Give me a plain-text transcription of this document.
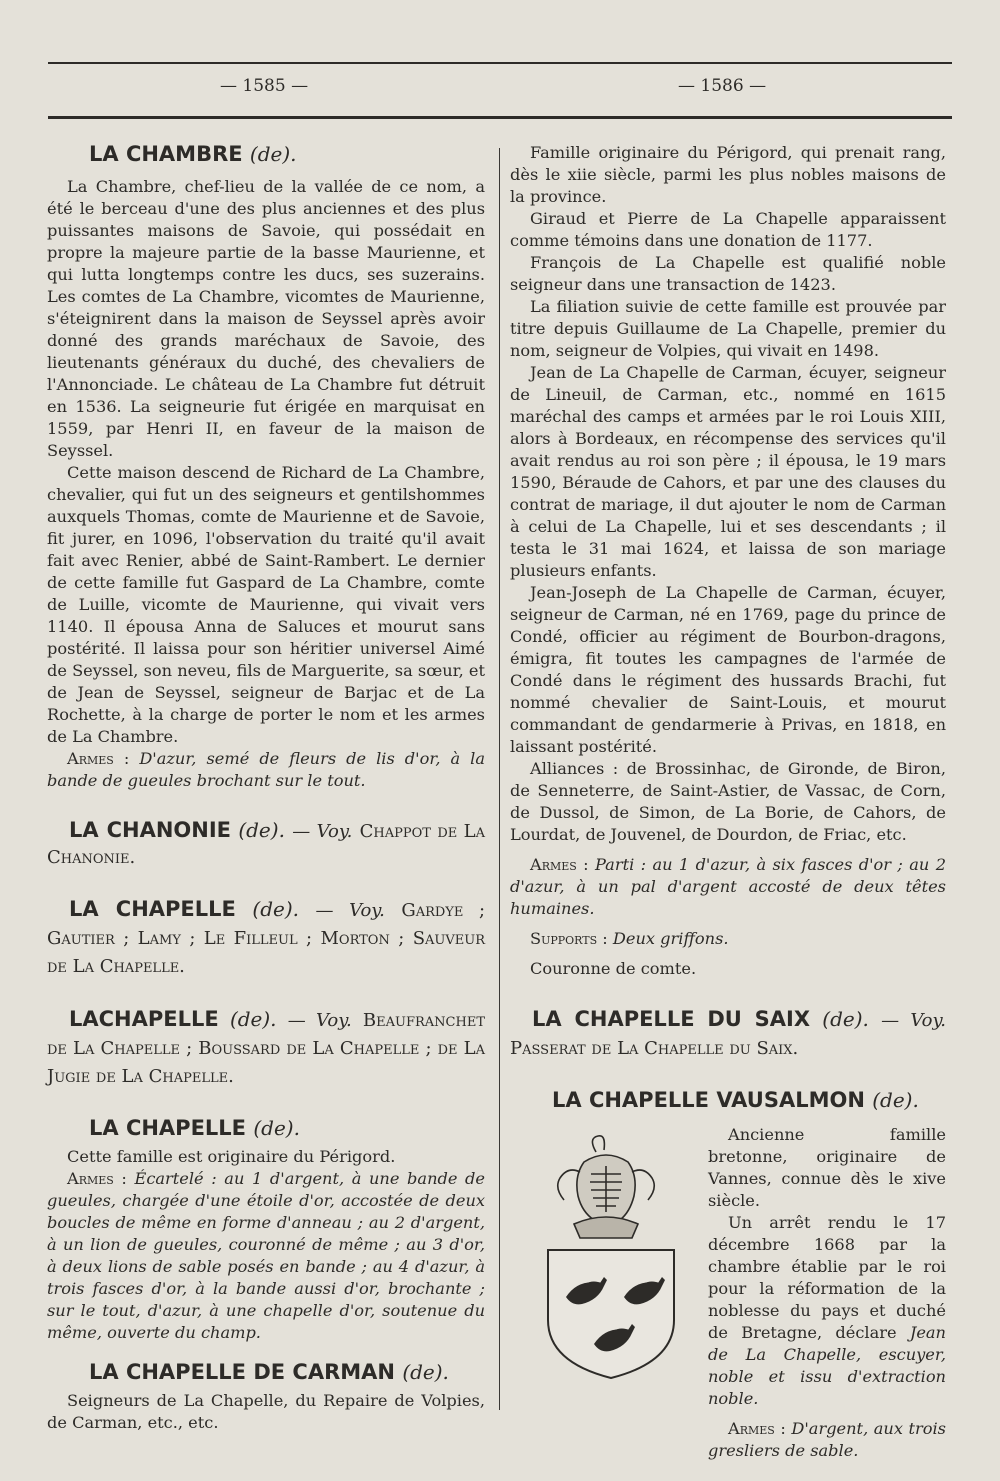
— 1585 —	— 1586 —

LA CHAMBRE (de).

La Chambre, chef-lieu de la vallée de ce nom, a été le berceau d'une des plus anciennes et des plus puissantes maisons de Savoie, qui possédait en propre la majeure partie de la basse Maurienne, et qui lutta longtemps contre les ducs, ses suzerains. Les comtes de La Chambre, vicomtes de Maurienne, s'éteignirent dans la maison de Seyssel après avoir donné des grands maréchaux de Savoie, des lieutenants généraux du duché, des chevaliers de l'Annonciade. Le château de La Chambre fut détruit en 1536. La seigneurie fut érigée en marquisat en 1559, par Henri II, en faveur de la maison de Seyssel.

Cette maison descend de Richard de La Chambre, chevalier, qui fut un des seigneurs et gentilshommes auxquels Thomas, comte de Maurienne et de Savoie, fit jurer, en 1096, l'observation du traité qu'il avait fait avec Renier, abbé de Saint-Rambert. Le dernier de cette famille fut Gaspard de La Chambre, comte de Luille, vicomte de Maurienne, qui vivait vers 1140. Il épousa Anna de Saluces et mourut sans postérité. Il laissa pour son héritier universel Aimé de Seyssel, son neveu, fils de Marguerite, sa sœur, et de Jean de Seyssel, seigneur de Barjac et de La Rochette, à la charge de porter le nom et les armes de La Chambre.

Armes : D'azur, semé de fleurs de lis d'or, à la bande de gueules brochant sur le tout.

LA CHANONIE (de). — Voy. Chappot de La Chanonie.

LA CHAPELLE (de). — Voy. Gardye ; Gautier ; Lamy ; Le Filleul ; Morton ; Sauveur de La Chapelle.

LACHAPELLE (de). — Voy. Beaufranchet de La Chapelle ; Boussard de La Chapelle ; de La Jugie de La Chapelle.

LA CHAPELLE (de).

Cette famille est originaire du Périgord.

Armes : Écartelé : au 1 d'argent, à une bande de gueules, chargée d'une étoile d'or, accostée de deux boucles de même en forme d'anneau ; au 2 d'argent, à un lion de gueules, couronné de même ; au 3 d'or, à deux lions de sable posés en bande ; au 4 d'azur, à trois fasces d'or, à la bande aussi d'or, brochante ; sur le tout, d'azur, à une chapelle d'or, soutenue du même, ouverte du champ.

LA CHAPELLE DE CARMAN (de).

Seigneurs de La Chapelle, du Repaire de Volpies, de Carman, etc., etc.

Famille originaire du Périgord, qui prenait rang, dès le xiie siècle, parmi les plus nobles maisons de la province.

Giraud et Pierre de La Chapelle apparaissent comme témoins dans une donation de 1177.

François de La Chapelle est qualifié noble seigneur dans une transaction de 1423.

La filiation suivie de cette famille est prouvée par titre depuis Guillaume de La Chapelle, premier du nom, seigneur de Volpies, qui vivait en 1498.

Jean de La Chapelle de Carman, écuyer, seigneur de Lineuil, de Carman, etc., nommé en 1615 maréchal des camps et armées par le roi Louis XIII, alors à Bordeaux, en récompense des services qu'il avait rendus au roi son père ; il épousa, le 19 mars 1590, Béraude de Cahors, et par une des clauses du contrat de mariage, il dut ajouter le nom de Carman à celui de La Chapelle, lui et ses descendants ; il testa le 31 mai 1624, et laissa de son mariage plusieurs enfants.

Jean-Joseph de La Chapelle de Carman, écuyer, seigneur de Carman, né en 1769, page du prince de Condé, officier au régiment de Bourbon-dragons, émigra, fit toutes les campagnes de l'armée de Condé dans le régiment des hussards Brachi, fut nommé chevalier de Saint-Louis, et mourut commandant de gendarmerie à Privas, en 1818, en laissant postérité.

Alliances : de Brossinhac, de Gironde, de Biron, de Senneterre, de Saint-Astier, de Vassac, de Corn, de Dussol, de Simon, de La Borie, de Cahors, de Lourdat, de Jouvenel, de Dourdon, de Friac, etc.

Armes : Parti : au 1 d'azur, à six fasces d'or ; au 2 d'azur, à un pal d'argent accosté de deux têtes humaines.

Supports : Deux griffons.

Couronne de comte.

LA CHAPELLE DU SAIX (de). — Voy. Passerat de La Chapelle du Saix.

LA CHAPELLE VAUSALMON (de).

Ancienne famille bretonne, originaire de Vannes, connue dès le xive siècle.

Un arrêt rendu le 17 décembre 1668 par la chambre établie par le roi pour la réformation de la noblesse du pays et duché de Bretagne, déclare Jean de La Chapelle, escuyer, noble et issu d'extraction noble.

Armes : D'argent, aux trois gresliers de sable.
